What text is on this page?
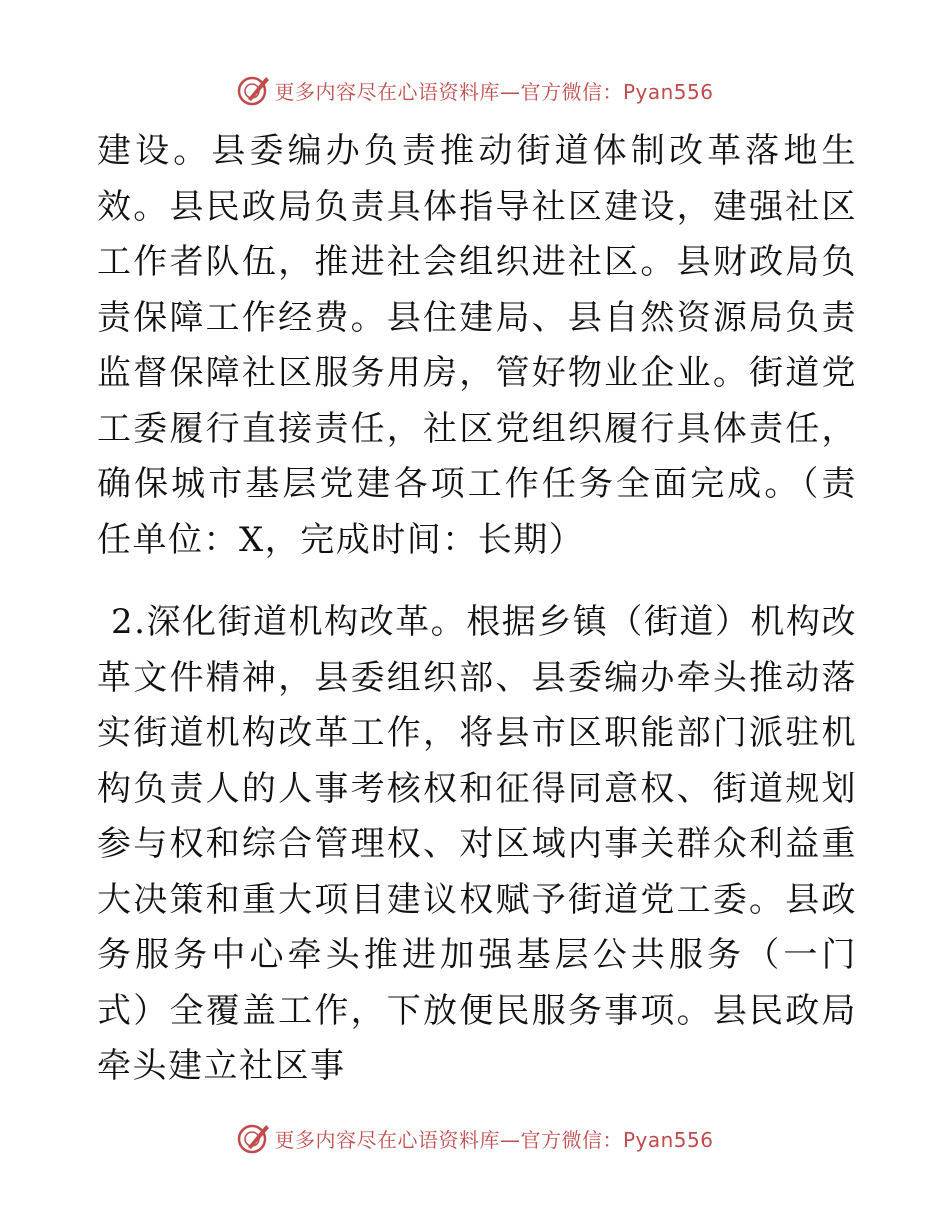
更多内容尽在心语资料库—官方微信：Pyan556

建设。县委编办负责推动街道体制改革落地生效。县民政局负责具体指导社区建设，建强社区工作者队伍，推进社会组织进社区。县财政局负责保障工作经费。县住建局、县自然资源局负责监督保障社区服务用房，管好物业企业。街道党工委履行直接责任，社区党组织履行具体责任，确保城市基层党建各项工作任务全面完成。（责任单位：X，完成时间：长期）

2.深化街道机构改革。根据乡镇（街道）机构改革文件精神，县委组织部、县委编办牵头推动落实街道机构改革工作，将县市区职能部门派驻机构负责人的人事考核权和征得同意权、街道规划参与权和综合管理权、对区域内事关群众利益重大决策和重大项目建议权赋予街道党工委。县政务服务中心牵头推进加强基层公共服务（一门式）全覆盖工作，下放便民服务事项。县民政局牵头建立社区事

更多内容尽在心语资料库—官方微信：Pyan556
